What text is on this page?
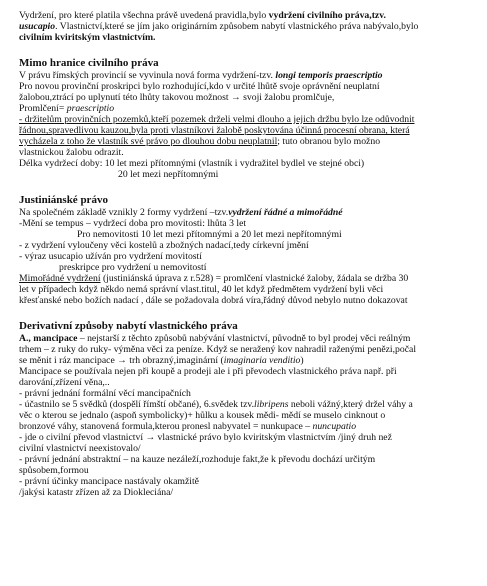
Vydržení, pro které platila všechna právě uvedená pravidla,bylo vydržení civilního práva,tzv.
usucapio. Vlastnictví,které se jím jako originárním způsobem nabytí vlastnického práva nabývalo,bylo
civilním kviritským vlastnictvím.
Mimo hranice civilního práva
V právu římských provincií se vyvinula nová forma vydržení-tzv. longi temporis praescriptio
Pro novou provinční proskripci bylo rozhodující,kdo v určité lhůtě svoje oprávnění neuplatní
žalobou,ztrácí po uplynutí této lhůty takovou možnost → svoji žalobu promlčuje,
Promlčení= praescriptio
- držitelům provinčních pozemků,kteří pozemek drželi velmi dlouho a jejich držbu bylo lze odůvodnit
řádnou,spravedlivou kauzou,byla proti vlastníkovi žalobě poskytována účinná procesní obrana, která
vycházela z toho že vlastník své právo po dlouhou dobu neuplatnil; tuto obranou bylo možno
vlastnickou žalobu odrazit.
Délka vydržecí doby: 10 let mezi přítomnými (vlastník i vydražitel bydlel ve stejné obci)
20 let mezi nepřítomnými
Justiniánské právo
Na společném základě vznikly 2 formy vydržení –tzv.vydržení řádné a mimořádné
-Mění se tempus – vydržecí doba pro movitosti: lhůta 3 let
Pro nemovitosti 10 let mezi přítomnými a 20 let mezi nepřítomnými
- z vydržení vyloučeny věci kostelů a zbožných nadací,tedy církevní jmění
- výraz usucapio užíván pro vydržení movitostí
preskripce pro vydržení u nemovitostí
Mimořádné vydržení (justiniánská úprava z r.528) = promlčení vlastnické žaloby, žádala se držba 30
let v případech když někdo nemá správní vlast.titul, 40 let když předmětem vydržení byli věci
křesťanské nebo božích nadací , dále se požadovala dobrá víra,řádný důvod nebylo nutno dokazovat
Derivativní způsoby nabytí vlastnického práva
A., mancipace – nejstarší z těchto způsobů nabývání vlastnictví, původně to byl prodej věci reálným
trhem – z ruky do ruky- výměna věci za peníze. Když se neražený kov nahradil raženými penězi,počal
se měnit i ráz mancipace → trh obrazný,imaginární (imaginaria venditio)
Mancipace se používala nejen při koupě a prodeji ale i při převodech vlastnického práva např. při
darování,zřízení věna,..
- právní jednání formální věcí mancipačních
- účastnilo se 5 svědků (dospělí římští občané), 6.svědek tzv.libripens neboli vážný,který držel váhy a
věc o kterou se jednalo (aspoň symbolicky)+ hůlku a kousek mědi- mědí se muselo cinknout o
bronzové váhy, stanovená formula,kterou pronesl nabyvatel = nunkupace – nuncupatio
- jde o civilní převod vlastnictví → vlastnické právo bylo kviritským vlastnictvím /jiný druh než
civilní vlastnictví neexistovalo/
- právní jednání abstraktní – na kauze nezáleží,rozhoduje fakt,že k převodu dochází určitým
spůsobem,formou
- právní účinky mancipace nastávaly okamžitě
/jakýsi katastr zřízen až za Diokleciána/
